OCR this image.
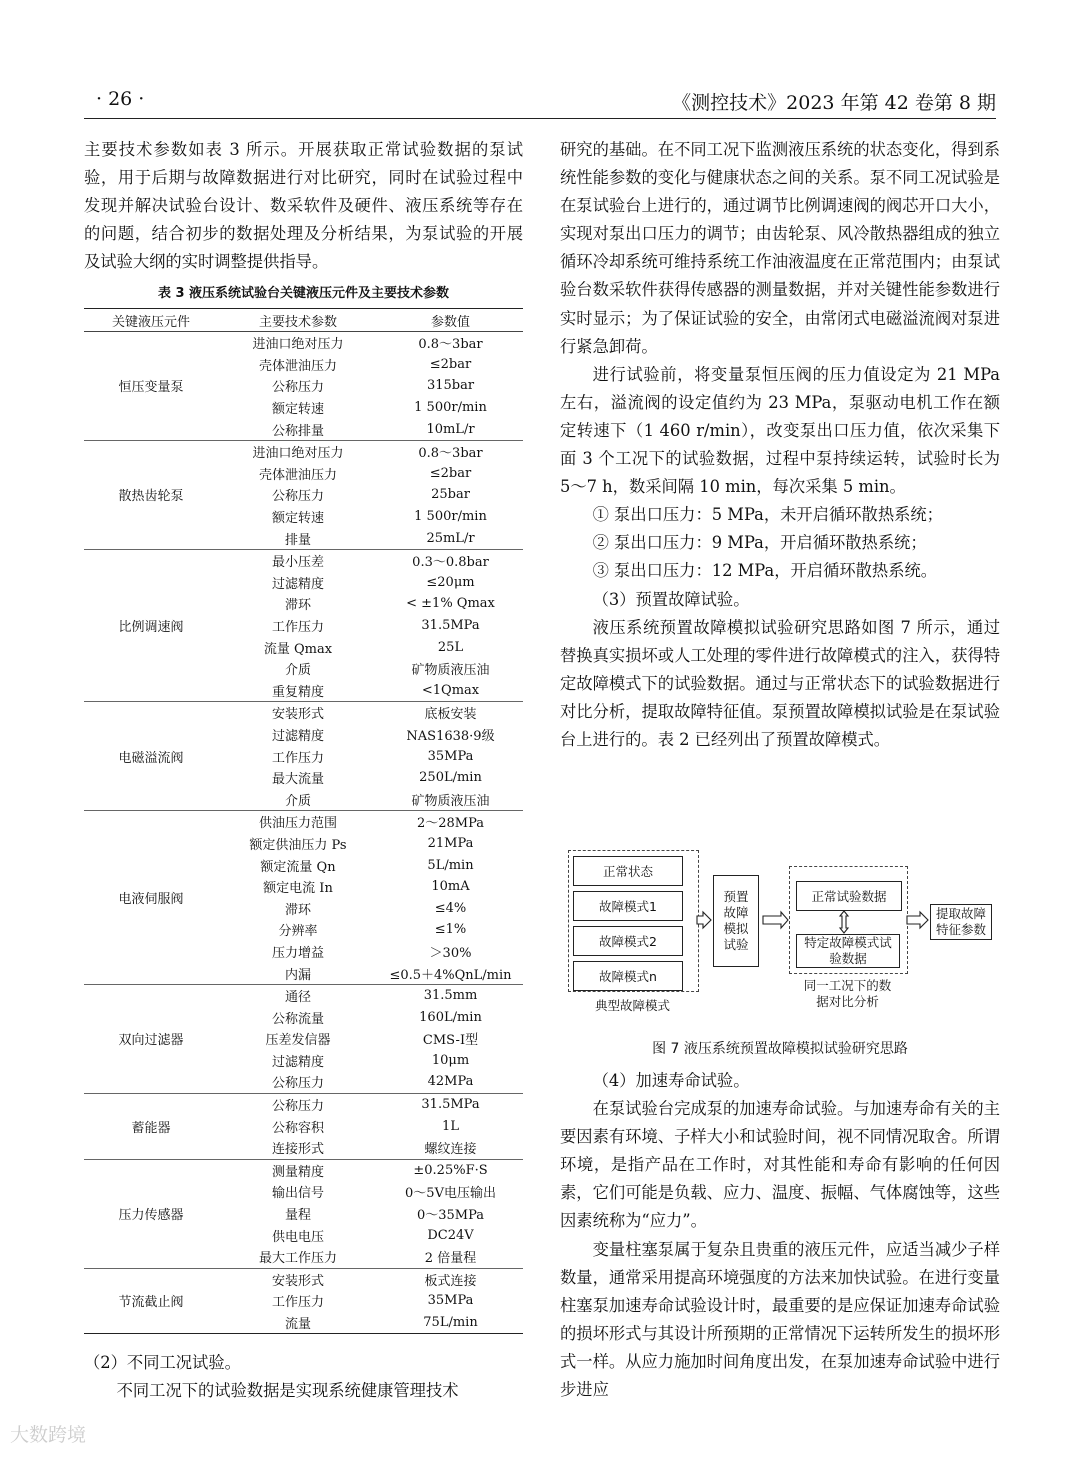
· 26 ·	《测控技术》2023 年第 42 卷第 8 期

主要技术参数如表 3 所示。开展获取正常试验数据的泵试验，用于后期与故障数据进行对比研究，同时在试验过程中发现并解决试验台设计、数采软件及硬件、液压系统等存在的问题，结合初步的数据处理及分析结果，为泵试验的开展及试验大纲的实时调整提供指导。

表 3 液压系统试验台关键液压元件及主要技术参数
关键液压元件	主要技术参数	参数值
恒压变量泵	进油口绝对压力	0.8～3bar
	壳体泄油压力	≤2bar
	公称压力	315bar
	额定转速	1 500r/min
	公称排量	10mL/r
散热齿轮泵	进油口绝对压力	0.8～3bar
	壳体泄油压力	≤2bar
	公称压力	25bar
	额定转速	1 500r/min
	排量	25mL/r
比例调速阀	最小压差	0.3～0.8bar
	过滤精度	≤20μm
	滞环	< ±1% Qmax
	工作压力	31.5MPa
	流量 Qmax	25L
	介质	矿物质液压油
	重复精度	<1Qmax
电磁溢流阀	安装形式	底板安装
	过滤精度	NAS1638·9级
	工作压力	35MPa
	最大流量	250L/min
	介质	矿物质液压油
电液伺服阀	供油压力范围	2～28MPa
	额定供油压力 Ps	21MPa
	额定流量 Qn	5L/min
	额定电流 In	10mA
	滞环	≤4%
	分辨率	≤1%
	压力增益	＞30%
	内漏	≤0.5＋4%QnL/min
双向过滤器	通径	31.5mm
	公称流量	160L/min
	压差发信器	CMS-Ⅰ型
	过滤精度	10μm
	公称压力	42MPa
蓄能器	公称压力	31.5MPa
	公称容积	1L
	连接形式	螺纹连接
压力传感器	测量精度	±0.25%F·S
	输出信号	0～5V电压输出
	量程	0～35MPa
	供电电压	DC24V
	最大工作压力	2 倍量程
节流截止阀	安装形式	板式连接
	工作压力	35MPa
	流量	75L/min

（2）不同工况试验。

不同工况下的试验数据是实现系统健康管理技术

研究的基础。在不同工况下监测液压系统的状态变化，得到系统性能参数的变化与健康状态之间的关系。泵不同工况试验是在泵试验台上进行的，通过调节比例调速阀的阀芯开口大小，实现对泵出口压力的调节；由齿轮泵、风冷散热器组成的独立循环冷却系统可维持系统工作油液温度在正常范围内；由泵试验台数采软件获得传感器的测量数据，并对关键性能参数进行实时显示；为了保证试验的安全，由常闭式电磁溢流阀对泵进行紧急卸荷。

进行试验前，将变量泵恒压阀的压力值设定为 21 MPa 左右，溢流阀的设定值约为 23 MPa，泵驱动电机工作在额定转速下（1 460 r/min），改变泵出口压力值，依次采集下面 3 个工况下的试验数据，过程中泵持续运转，试验时长为 5～7 h，数采间隔 10 min，每次采集 5 min。

① 泵出口压力：5 MPa，未开启循环散热系统；

② 泵出口压力：9 MPa，开启循环散热系统；

③ 泵出口压力：12 MPa，开启循环散热系统。

（3）预置故障试验。

液压系统预置故障模拟试验研究思路如图 7 所示，通过替换真实损坏或人工处理的零件进行故障模式的注入，获得特定故障模式下的试验数据。通过与正常状态下的试验数据进行对比分析，提取故障特征值。泵预置故障模拟试验是在泵试验台上进行的。表 2 已经列出了预置故障模式。

正常状态
故障模式1
故障模式2
故障模式n
典型故障模式
预置故障模拟试验
正常试验数据
特定故障模式试验数据
同一工况下的数据对比分析
提取故障特征参数
图 7 液压系统预置故障模拟试验研究思路

（4）加速寿命试验。

在泵试验台完成泵的加速寿命试验。与加速寿命有关的主要因素有环境、子样大小和试验时间，视不同情况取舍。所谓环境，是指产品在工作时，对其性能和寿命有影响的任何因素，它们可能是负载、应力、温度、振幅、气体腐蚀等，这些因素统称为“应力”。

变量柱塞泵属于复杂且贵重的液压元件，应适当减少子样数量，通常采用提高环境强度的方法来加快试验。在进行变量柱塞泵加速寿命试验设计时，最重要的是应保证加速寿命试验的损坏形式与其设计所预期的正常情况下运转所发生的损坏形式一样。从应力施加时间角度出发，在泵加速寿命试验中进行步进应

大数跨境
